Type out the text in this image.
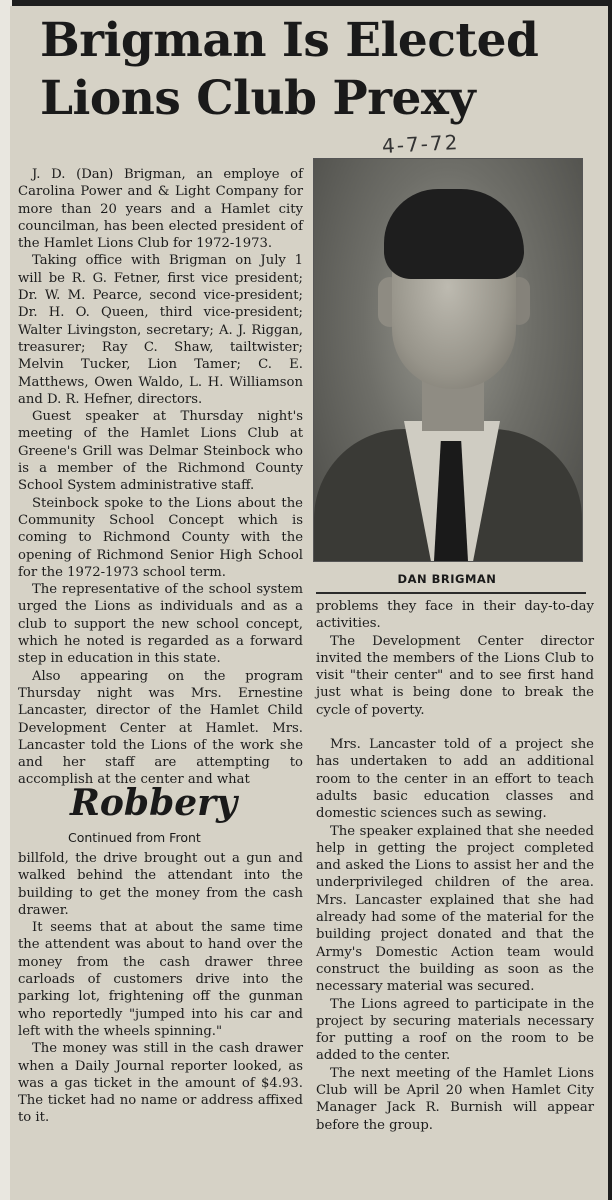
Brigman Is Elected
Lions Club Prexy
4-7-72

J. D. (Dan) Brigman, an employe of Carolina Power and & Light Company for more than 20 years and a Hamlet city councilman, has been elected president of the Hamlet Lions Club for 1972-1973.

Taking office with Brigman on July 1 will be R. G. Fetner, first vice president; Dr. W. M. Pearce, second vice-president; Dr. H. O. Queen, third vice-president; Walter Livingston, secretary; A. J. Riggan, treasurer; Ray C. Shaw, tailtwister; Melvin Tucker, Lion Tamer; C. E. Matthews, Owen Waldo, L. H. Williamson and D. R. Hefner, directors.

Guest speaker at Thursday night's meeting of the Hamlet Lions Club at Greene's Grill was Delmar Steinbock who is a member of the Richmond County School System administrative staff.

Steinbock spoke to the Lions about the Community School Concept which is coming to Richmond County with the opening of Richmond Senior High School for the 1972-1973 school term.

The representative of the school system urged the Lions as individuals and as a club to support the new school concept, which he noted is regarded as a forward step in education in this state.

Also appearing on the program Thursday night was Mrs. Ernestine Lancaster, director of the Hamlet Child Development Center at Hamlet. Mrs. Lancaster told the Lions of the work she and her staff are attempting to accomplish at the center and what

DAN BRIGMAN
Robbery
Continued from Front

billfold, the drive brought out a gun and walked behind the attendant into the building to get the money from the cash drawer.

It seems that at about the same time the attendent was about to hand over the money from the cash drawer three carloads of customers drive into the parking lot, frightening off the gunman who reportedly "jumped into his car and left with the wheels spinning."

The money was still in the cash drawer when a Daily Journal reporter looked, as was a gas ticket in the amount of $4.93. The ticket had no name or address affixed to it.

problems they face in their day-to-day activities.

The Development Center director invited the members of the Lions Club to visit "their center" and to see first hand just what is being done to break the cycle of poverty.

Mrs. Lancaster told of a project she has undertaken to add an additional room to the center in an effort to teach adults basic education classes and domestic sciences such as sewing.

The speaker explained that she needed help in getting the project completed and asked the Lions to assist her and the underprivileged children of the area. Mrs. Lancaster explained that she had already had some of the material for the building project donated and that the Army's Domestic Action team would construct the building as soon as the necessary material was secured.

The Lions agreed to participate in the project by securing materials necessary for putting a roof on the room to be added to the center.

The next meeting of the Hamlet Lions Club will be April 20 when Hamlet City Manager Jack R. Burnish will appear before the group.
